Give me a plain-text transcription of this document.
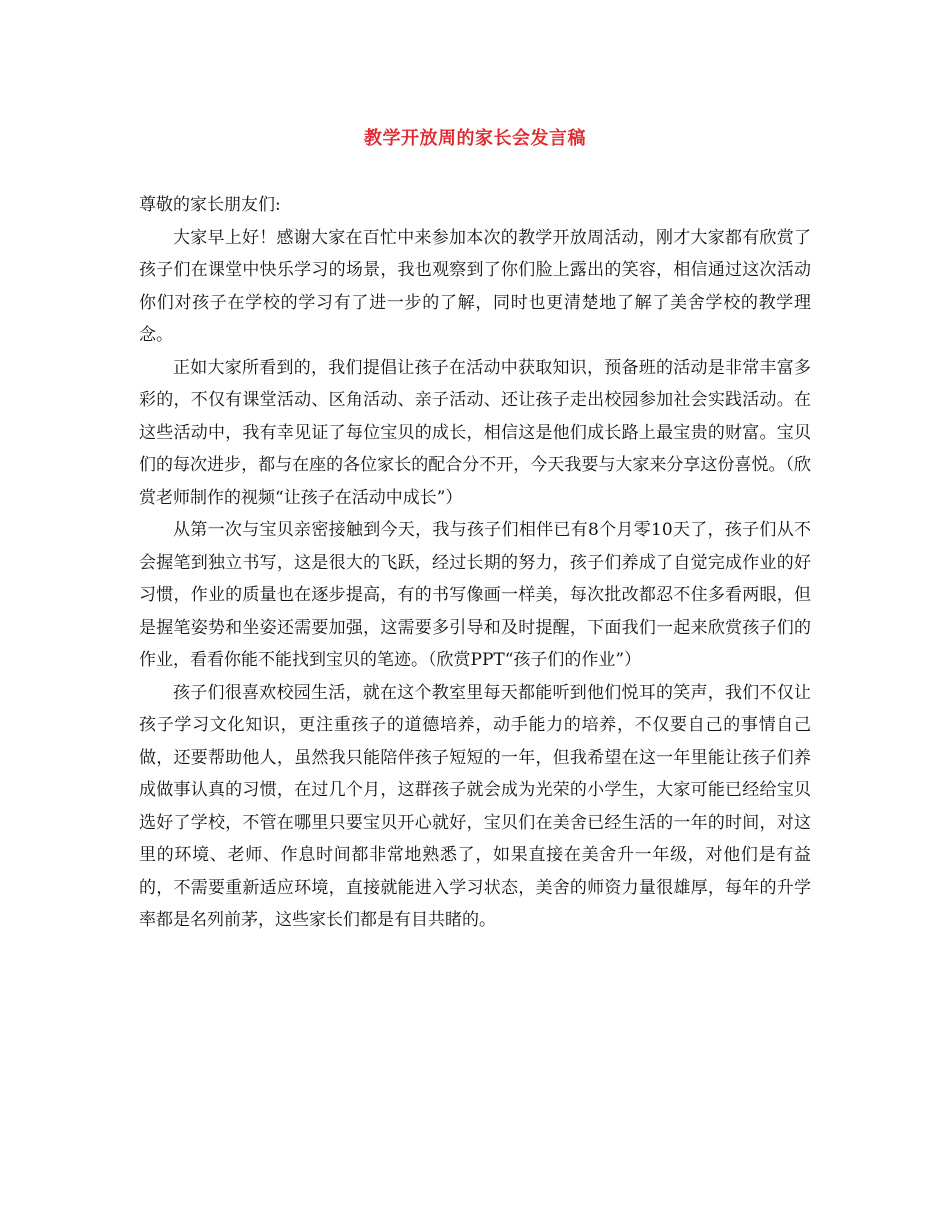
教学开放周的家长会发言稿

尊敬的家长朋友们:

大家早上好！感谢大家在百忙中来参加本次的教学开放周活动，刚才大家都有欣赏了孩子们在课堂中快乐学习的场景，我也观察到了你们脸上露出的笑容，相信通过这次活动你们对孩子在学校的学习有了进一步的了解，同时也更清楚地了解了美舍学校的教学理念。

正如大家所看到的，我们提倡让孩子在活动中获取知识，预备班的活动是非常丰富多彩的，不仅有课堂活动、区角活动、亲子活动、还让孩子走出校园参加社会实践活动。在这些活动中，我有幸见证了每位宝贝的成长，相信这是他们成长路上最宝贵的财富。宝贝们的每次进步，都与在座的各位家长的配合分不开，今天我要与大家来分享这份喜悦。（欣赏老师制作的视频“让孩子在活动中成长”）

从第一次与宝贝亲密接触到今天，我与孩子们相伴已有8个月零10天了，孩子们从不会握笔到独立书写，这是很大的飞跃，经过长期的努力，孩子们养成了自觉完成作业的好习惯，作业的质量也在逐步提高，有的书写像画一样美，每次批改都忍不住多看两眼，但是握笔姿势和坐姿还需要加强，这需要多引导和及时提醒，下面我们一起来欣赏孩子们的作业，看看你能不能找到宝贝的笔迹。（欣赏PPT“孩子们的作业”）

孩子们很喜欢校园生活，就在这个教室里每天都能听到他们悦耳的笑声，我们不仅让孩子学习文化知识，更注重孩子的道德培养，动手能力的培养，不仅要自己的事情自己做，还要帮助他人，虽然我只能陪伴孩子短短的一年，但我希望在这一年里能让孩子们养成做事认真的习惯，在过几个月，这群孩子就会成为光荣的小学生，大家可能已经给宝贝选好了学校，不管在哪里只要宝贝开心就好，宝贝们在美舍已经生活的一年的时间，对这里的环境、老师、作息时间都非常地熟悉了，如果直接在美舍升一年级，对他们是有益的，不需要重新适应环境，直接就能进入学习状态，美舍的师资力量很雄厚，每年的升学率都是名列前茅，这些家长们都是有目共睹的。
